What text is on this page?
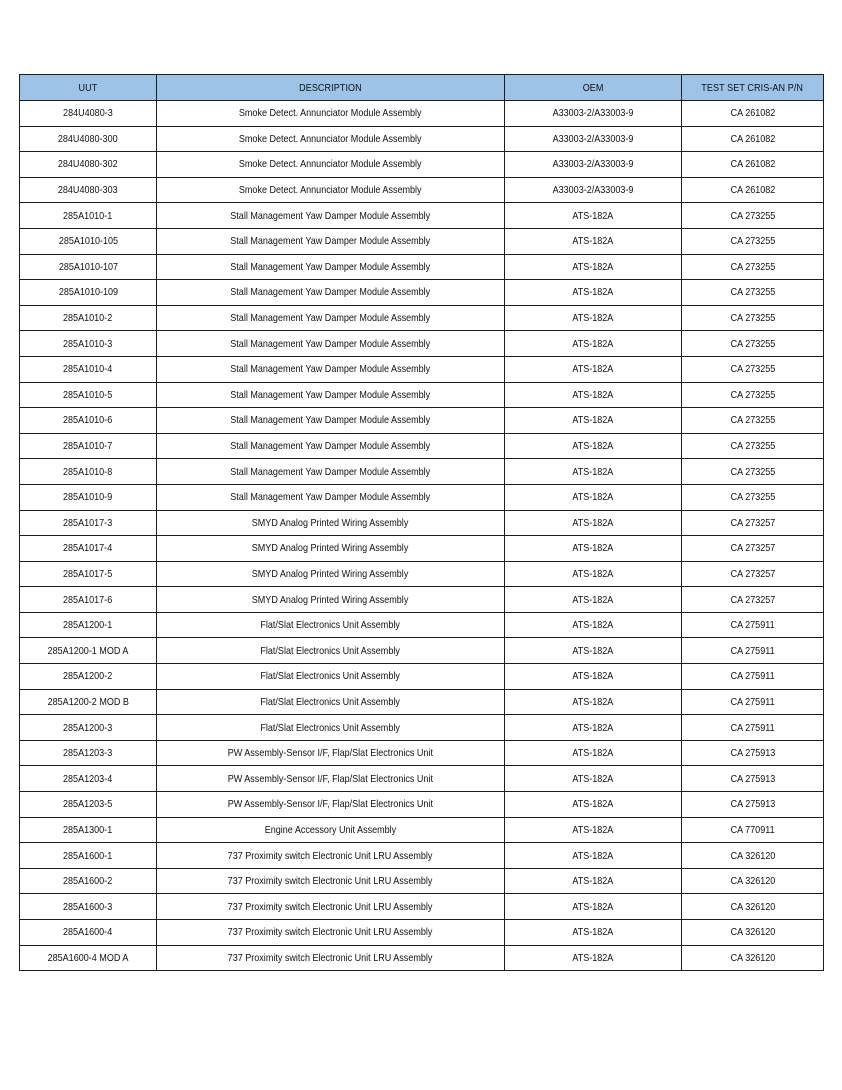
UUT	DESCRIPTION	OEM	TEST SET CRIS-AN P/N
284U4080-3	Smoke Detect. Annunciator Module Assembly	A33003-2/A33003-9	CA 261082
284U4080-300	Smoke Detect. Annunciator Module Assembly	A33003-2/A33003-9	CA 261082
284U4080-302	Smoke Detect. Annunciator Module Assembly	A33003-2/A33003-9	CA 261082
284U4080-303	Smoke Detect. Annunciator Module Assembly	A33003-2/A33003-9	CA 261082
285A1010-1	Stall Management Yaw Damper Module Assembly	ATS-182A	CA 273255
285A1010-105	Stall Management Yaw Damper Module Assembly	ATS-182A	CA 273255
285A1010-107	Stall Management Yaw Damper Module Assembly	ATS-182A	CA 273255
285A1010-109	Stall Management Yaw Damper Module Assembly	ATS-182A	CA 273255
285A1010-2	Stall Management Yaw Damper Module Assembly	ATS-182A	CA 273255
285A1010-3	Stall Management Yaw Damper Module Assembly	ATS-182A	CA 273255
285A1010-4	Stall Management Yaw Damper Module Assembly	ATS-182A	CA 273255
285A1010-5	Stall Management Yaw Damper Module Assembly	ATS-182A	CA 273255
285A1010-6	Stall Management Yaw Damper Module Assembly	ATS-182A	CA 273255
285A1010-7	Stall Management Yaw Damper Module Assembly	ATS-182A	CA 273255
285A1010-8	Stall Management Yaw Damper Module Assembly	ATS-182A	CA 273255
285A1010-9	Stall Management Yaw Damper Module Assembly	ATS-182A	CA 273255
285A1017-3	SMYD Analog Printed Wiring Assembly	ATS-182A	CA 273257
285A1017-4	SMYD Analog Printed Wiring Assembly	ATS-182A	CA 273257
285A1017-5	SMYD Analog Printed Wiring Assembly	ATS-182A	CA 273257
285A1017-6	SMYD Analog Printed Wiring Assembly	ATS-182A	CA 273257
285A1200-1	Flat/Slat Electronics Unit Assembly	ATS-182A	CA 275911
285A1200-1 MOD A	Flat/Slat Electronics Unit Assembly	ATS-182A	CA 275911
285A1200-2	Flat/Slat Electronics Unit Assembly	ATS-182A	CA 275911
285A1200-2 MOD B	Flat/Slat Electronics Unit Assembly	ATS-182A	CA 275911
285A1200-3	Flat/Slat Electronics Unit Assembly	ATS-182A	CA 275911
285A1203-3	PW Assembly-Sensor I/F, Flap/Slat Electronics Unit	ATS-182A	CA 275913
285A1203-4	PW Assembly-Sensor I/F, Flap/Slat Electronics Unit	ATS-182A	CA 275913
285A1203-5	PW Assembly-Sensor I/F, Flap/Slat Electronics Unit	ATS-182A	CA 275913
285A1300-1	Engine Accessory Unit Assembly	ATS-182A	CA 770911
285A1600-1	737 Proximity switch Electronic Unit LRU Assembly	ATS-182A	CA 326120
285A1600-2	737 Proximity switch Electronic Unit LRU Assembly	ATS-182A	CA 326120
285A1600-3	737 Proximity switch Electronic Unit LRU Assembly	ATS-182A	CA 326120
285A1600-4	737 Proximity switch Electronic Unit LRU Assembly	ATS-182A	CA 326120
285A1600-4 MOD A	737 Proximity switch Electronic Unit LRU Assembly	ATS-182A	CA 326120
